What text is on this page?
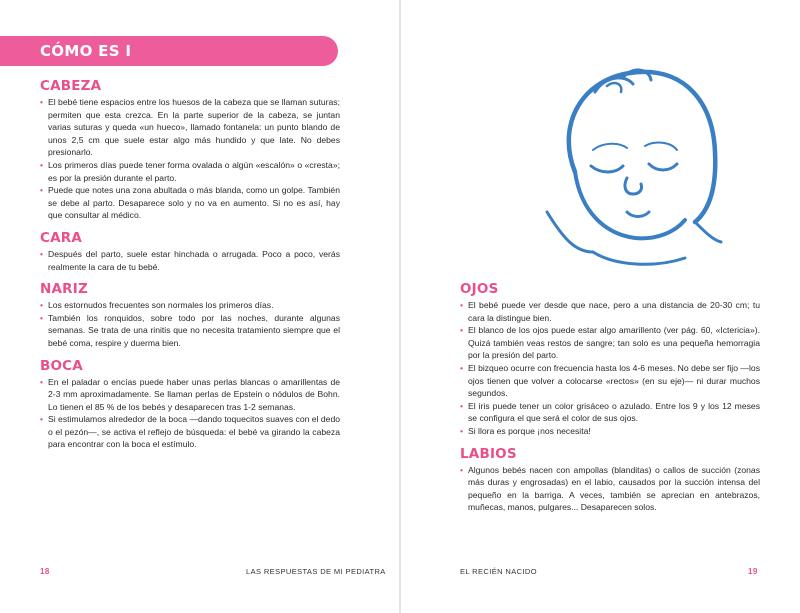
CÓMO ES I
CABEZA
• El bebé tiene espacios entre los huesos de la cabeza que se llaman suturas; permiten que esta crezca. En la parte superior de la cabeza, se juntan varias suturas y queda «un hueco», llamado fontanela: un punto blando de unos 2,5 cm que suele estar algo más hundido y que late. No debes presionarlo.
• Los primeros días puede tener forma ovalada o algún «escalón» o «cresta»; es por la presión durante el parto.
• Puede que notes una zona abultada o más blanda, como un golpe. También se debe al parto. Desaparece solo y no va en aumento. Si no es así, hay que consultar al médico.
CARA
• Después del parto, suele estar hinchada o arrugada. Poco a poco, verás realmente la cara de tu bebé.
NARIZ
• Los estornudos frecuentes son normales los primeros días.
• También los ronquidos, sobre todo por las noches, durante algunas semanas. Se trata de una rinitis que no necesita tratamiento siempre que el bebé coma, respire y duerma bien.
BOCA
• En el paladar o encías puede haber unas perlas blancas o amarillentas de 2-3 mm aproximadamente. Se llaman perlas de Epstein o nódulos de Bohn. Lo tienen el 85 % de los bebés y desaparecen tras 1-2 semanas.
• Si estimulamos alrededor de la boca —dando toquecitos suaves con el dedo o el pezón—, se activa el reflejo de búsqueda: el bebé va girando la cabeza para encontrar con la boca el estímulo.
18	LAS RESPUESTAS DE MI PEDIATRA
OJOS
• El bebé puede ver desde que nace, pero a una distancia de 20-30 cm; tu cara la distingue bien.
• El blanco de los ojos puede estar algo amarillento (ver pág. 60, «Ictericia»). Quizá también veas restos de sangre; tan solo es una pequeña hemorragia por la presión del parto.
• El bizqueo ocurre con frecuencia hasta los 4-6 meses. No debe ser fijo —los ojos tienen que volver a colocarse «rectos» (en su eje)— ni durar muchos segundos.
• El iris puede tener un color grisáceo o azulado. Entre los 9 y los 12 meses se configura el que será el color de sus ojos.
• Si llora es porque ¡nos necesita!
LABIOS
• Algunos bebés nacen con ampollas (blanditas) o callos de succión (zonas más duras y engrosadas) en el labio, causados por la succión intensa del pequeño en la barriga. A veces, también se aprecian en antebrazos, muñecas, manos, pulgares... Desaparecen solos.
EL RECIÉN NACIDO	19
